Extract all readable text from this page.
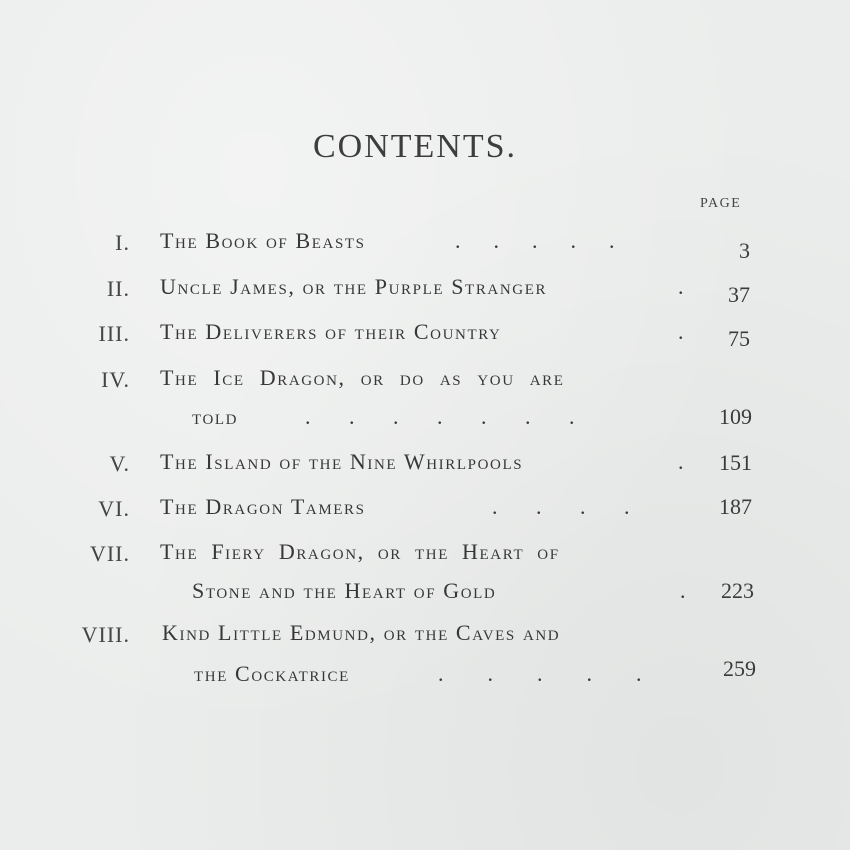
CONTENTS.
PAGE
I. The Book of Beasts	.      .      .      .      .	3
II. Uncle James, or the Purple Stranger	.	37
III. The Deliverers of their Country	.	75
IV. The Ice Dragon, or do as you are
told	.       .       .       .       .       .       .	109
V. The Island of the Nine Whirlpools	.	151
VI. The Dragon Tamers	.       .       .       .	187
VII. The Fiery Dragon, or the Heart of
Stone and the Heart of Gold	.	223
VIII. Kind Little Edmund, or the Caves and
the Cockatrice	.        .        .        .        .	259
